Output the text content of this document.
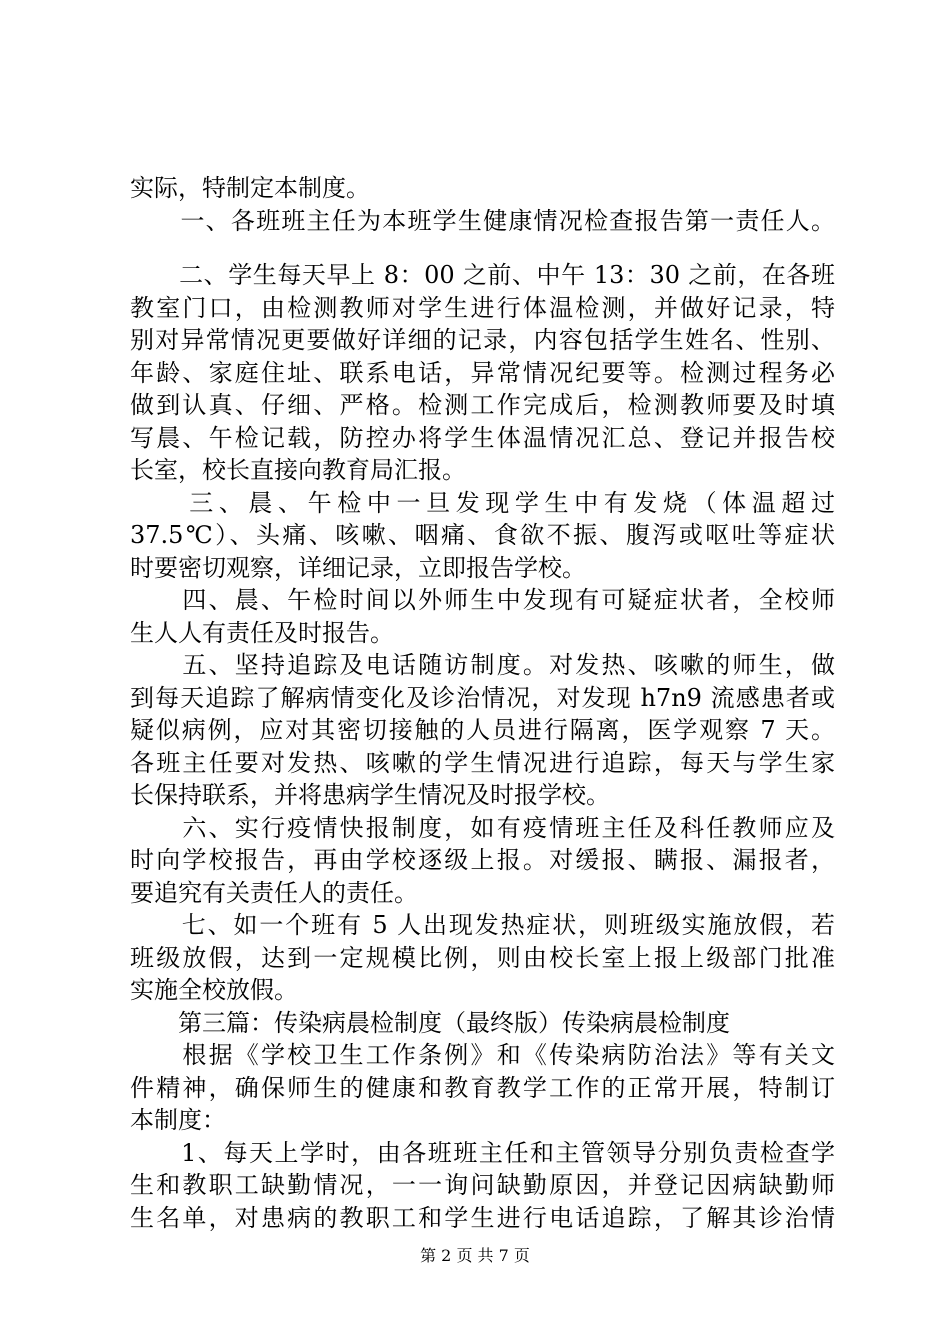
实际，特制定本制度。
　　一、各班班主任为本班学生健康情况检查报告第一责任人。
　　二、学生每天早上 8：00 之前、中午 13：30 之前，在各班
教室门口，由检测教师对学生进行体温检测，并做好记录，特
别对异常情况更要做好详细的记录，内容包括学生姓名、性别、
年龄、家庭住址、联系电话，异常情况纪要等。检测过程务必
做到认真、仔细、严格。检测工作完成后，检测教师要及时填
写晨、午检记载，防控办将学生体温情况汇总、登记并报告校
长室，校长直接向教育局汇报。
　　三、晨、午检中一旦发现学生中有发烧（体温超过
37.5℃）、头痛、咳嗽、咽痛、食欲不振、腹泻或呕吐等症状
时要密切观察，详细记录，立即报告学校。
　　四、晨、午检时间以外师生中发现有可疑症状者，全校师
生人人有责任及时报告。
　　五、坚持追踪及电话随访制度。对发热、咳嗽的师生，做
到每天追踪了解病情变化及诊治情况，对发现 h7n9 流感患者或
疑似病例，应对其密切接触的人员进行隔离，医学观察 7 天。
各班主任要对发热、咳嗽的学生情况进行追踪，每天与学生家
长保持联系，并将患病学生情况及时报学校。
　　六、实行疫情快报制度，如有疫情班主任及科任教师应及
时向学校报告，再由学校逐级上报。对缓报、瞒报、漏报者，
要追究有关责任人的责任。
　　七、如一个班有 5 人出现发热症状，则班级实施放假，若
班级放假，达到一定规模比例，则由校长室上报上级部门批准
实施全校放假。
　　第三篇：传染病晨检制度（最终版）传染病晨检制度
　　根据《学校卫生工作条例》和《传染病防治法》等有关文
件精神，确保师生的健康和教育教学工作的正常开展，特制订
本制度：
　　1、每天上学时，由各班班主任和主管领导分别负责检查学
生和教职工缺勤情况，一一询问缺勤原因，并登记因病缺勤师
生名单，对患病的教职工和学生进行电话追踪，了解其诊治情
第 2 页 共 7 页
